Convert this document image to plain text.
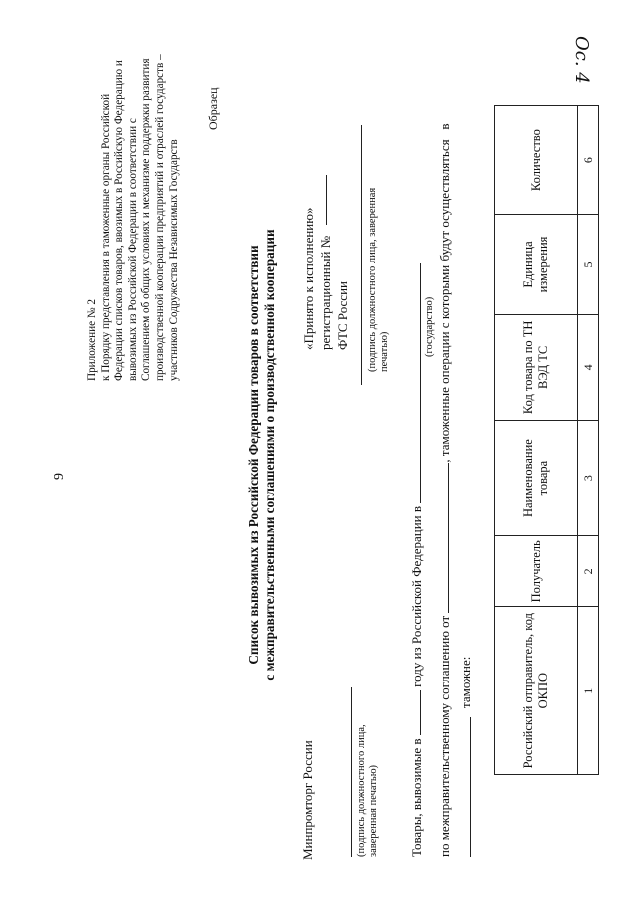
9
Приложение № 2 к Порядку представления в таможенные органы Российской Федерации списков товаров, ввозимых в Российскую Федерацию и вывозимых из Российской Федерации в соответствии с Соглашением об общих условиях и механизме поддержки развития производственной кооперации предприятий и отраслей государств – участников Содружества Независимых Государств
Образец
Список вывозимых из Российской Федерации товаров в соответствии с межправительственными соглашениями о производственной кооперации
Минпромторг России	(подпись должностного лица, заверенная печатью)
«Принято к исполнению» регистрационный № ФТС России (подпись должностного лица, заверенная печатью)
Товары, вывозимые в  году из Российской Федерации в
(государство)
по межправительственному соглашению от , таможенные операции с которыми будут осуществляться   в
таможне:	Российский отправитель, код ОКПО	Получатель	Наименование товара	Код товара по ТН ВЭД ТС	Единица измерения	Количество
1	2	3	4	5	6
Ос. 4
